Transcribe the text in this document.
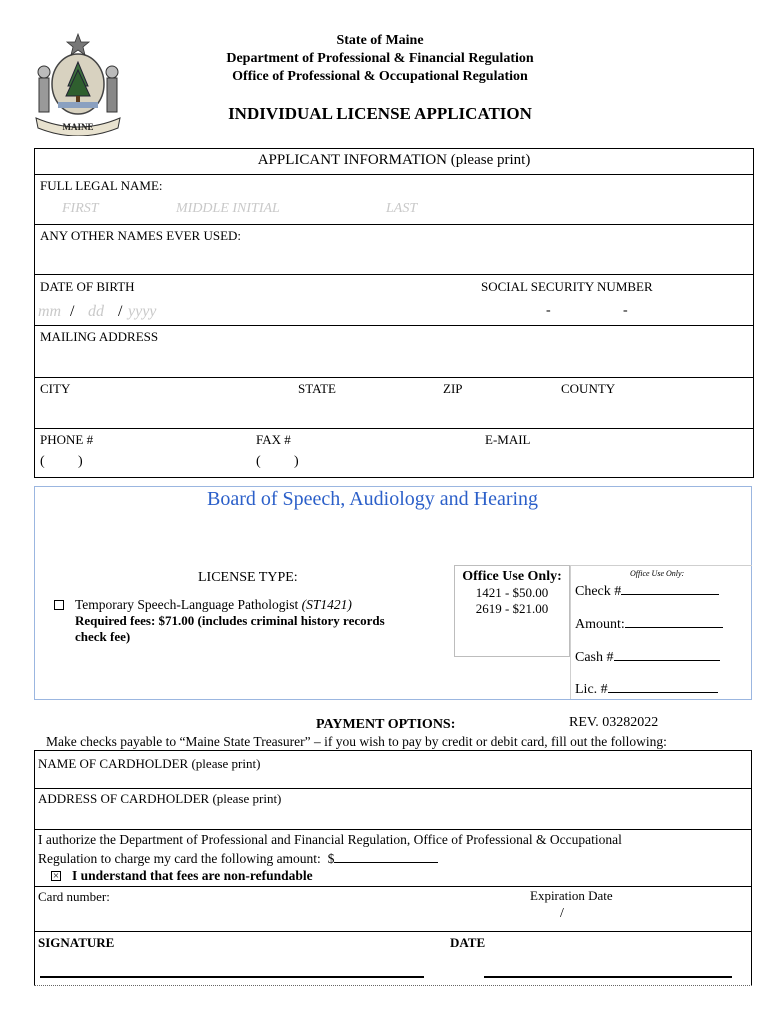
MAINE
State of Maine
Department of Professional & Financial Regulation
Office of Professional & Occupational Regulation
INDIVIDUAL LICENSE APPLICATION
APPLICANT INFORMATION (please print)
FULL LEGAL NAME:
FIRST	MIDDLE INITIAL	LAST
ANY OTHER NAMES EVER USED:
DATE OF BIRTH
mm / dd / yyyy
SOCIAL SECURITY NUMBER
-	-
MAILING ADDRESS
CITY	STATE	ZIP	COUNTY
PHONE #	FAX #	E-MAIL
( )	( )
Board of Speech, Audiology and Hearing
LICENSE TYPE:
Temporary Speech-Language Pathologist (ST1421)
Required fees: $71.00 (includes criminal history records
check fee)
Office Use Only:
1421 - $50.00
2619 - $21.00
Office Use Only:
Check #
Amount:
Cash #
Lic. #
PAYMENT OPTIONS:	REV. 03282022
Make checks payable to “Maine State Treasurer” – if you wish to pay by credit or debit card, fill out the following:
NAME OF CARDHOLDER (please print)
ADDRESS OF CARDHOLDER (please print)
I authorize the Department of Professional and Financial Regulation, Office of Professional & Occupational
Regulation to charge my card the following amount: $
× I understand that fees are non-refundable
Card number:	Expiration Date
/
SIGNATURE	DATE
